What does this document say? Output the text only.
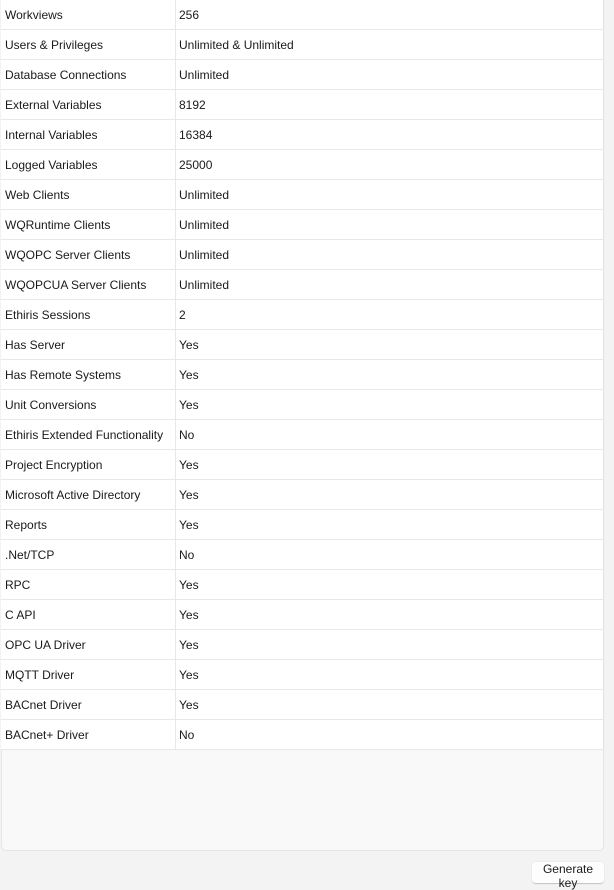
Workviews	256
Users & Privileges	Unlimited & Unlimited
Database Connections	Unlimited
External Variables	8192
Internal Variables	16384
Logged Variables	25000
Web Clients	Unlimited
WQRuntime Clients	Unlimited
WQOPC Server Clients	Unlimited
WQOPCUA Server Clients	Unlimited
Ethiris Sessions	2
Has Server	Yes
Has Remote Systems	Yes
Unit Conversions	Yes
Ethiris Extended Functionality	No
Project Encryption	Yes
Microsoft Active Directory	Yes
Reports	Yes
.Net/TCP	No
RPC	Yes
C API	Yes
OPC UA Driver	Yes
MQTT Driver	Yes
BACnet Driver	Yes
BACnet+ Driver	No
Generate key
